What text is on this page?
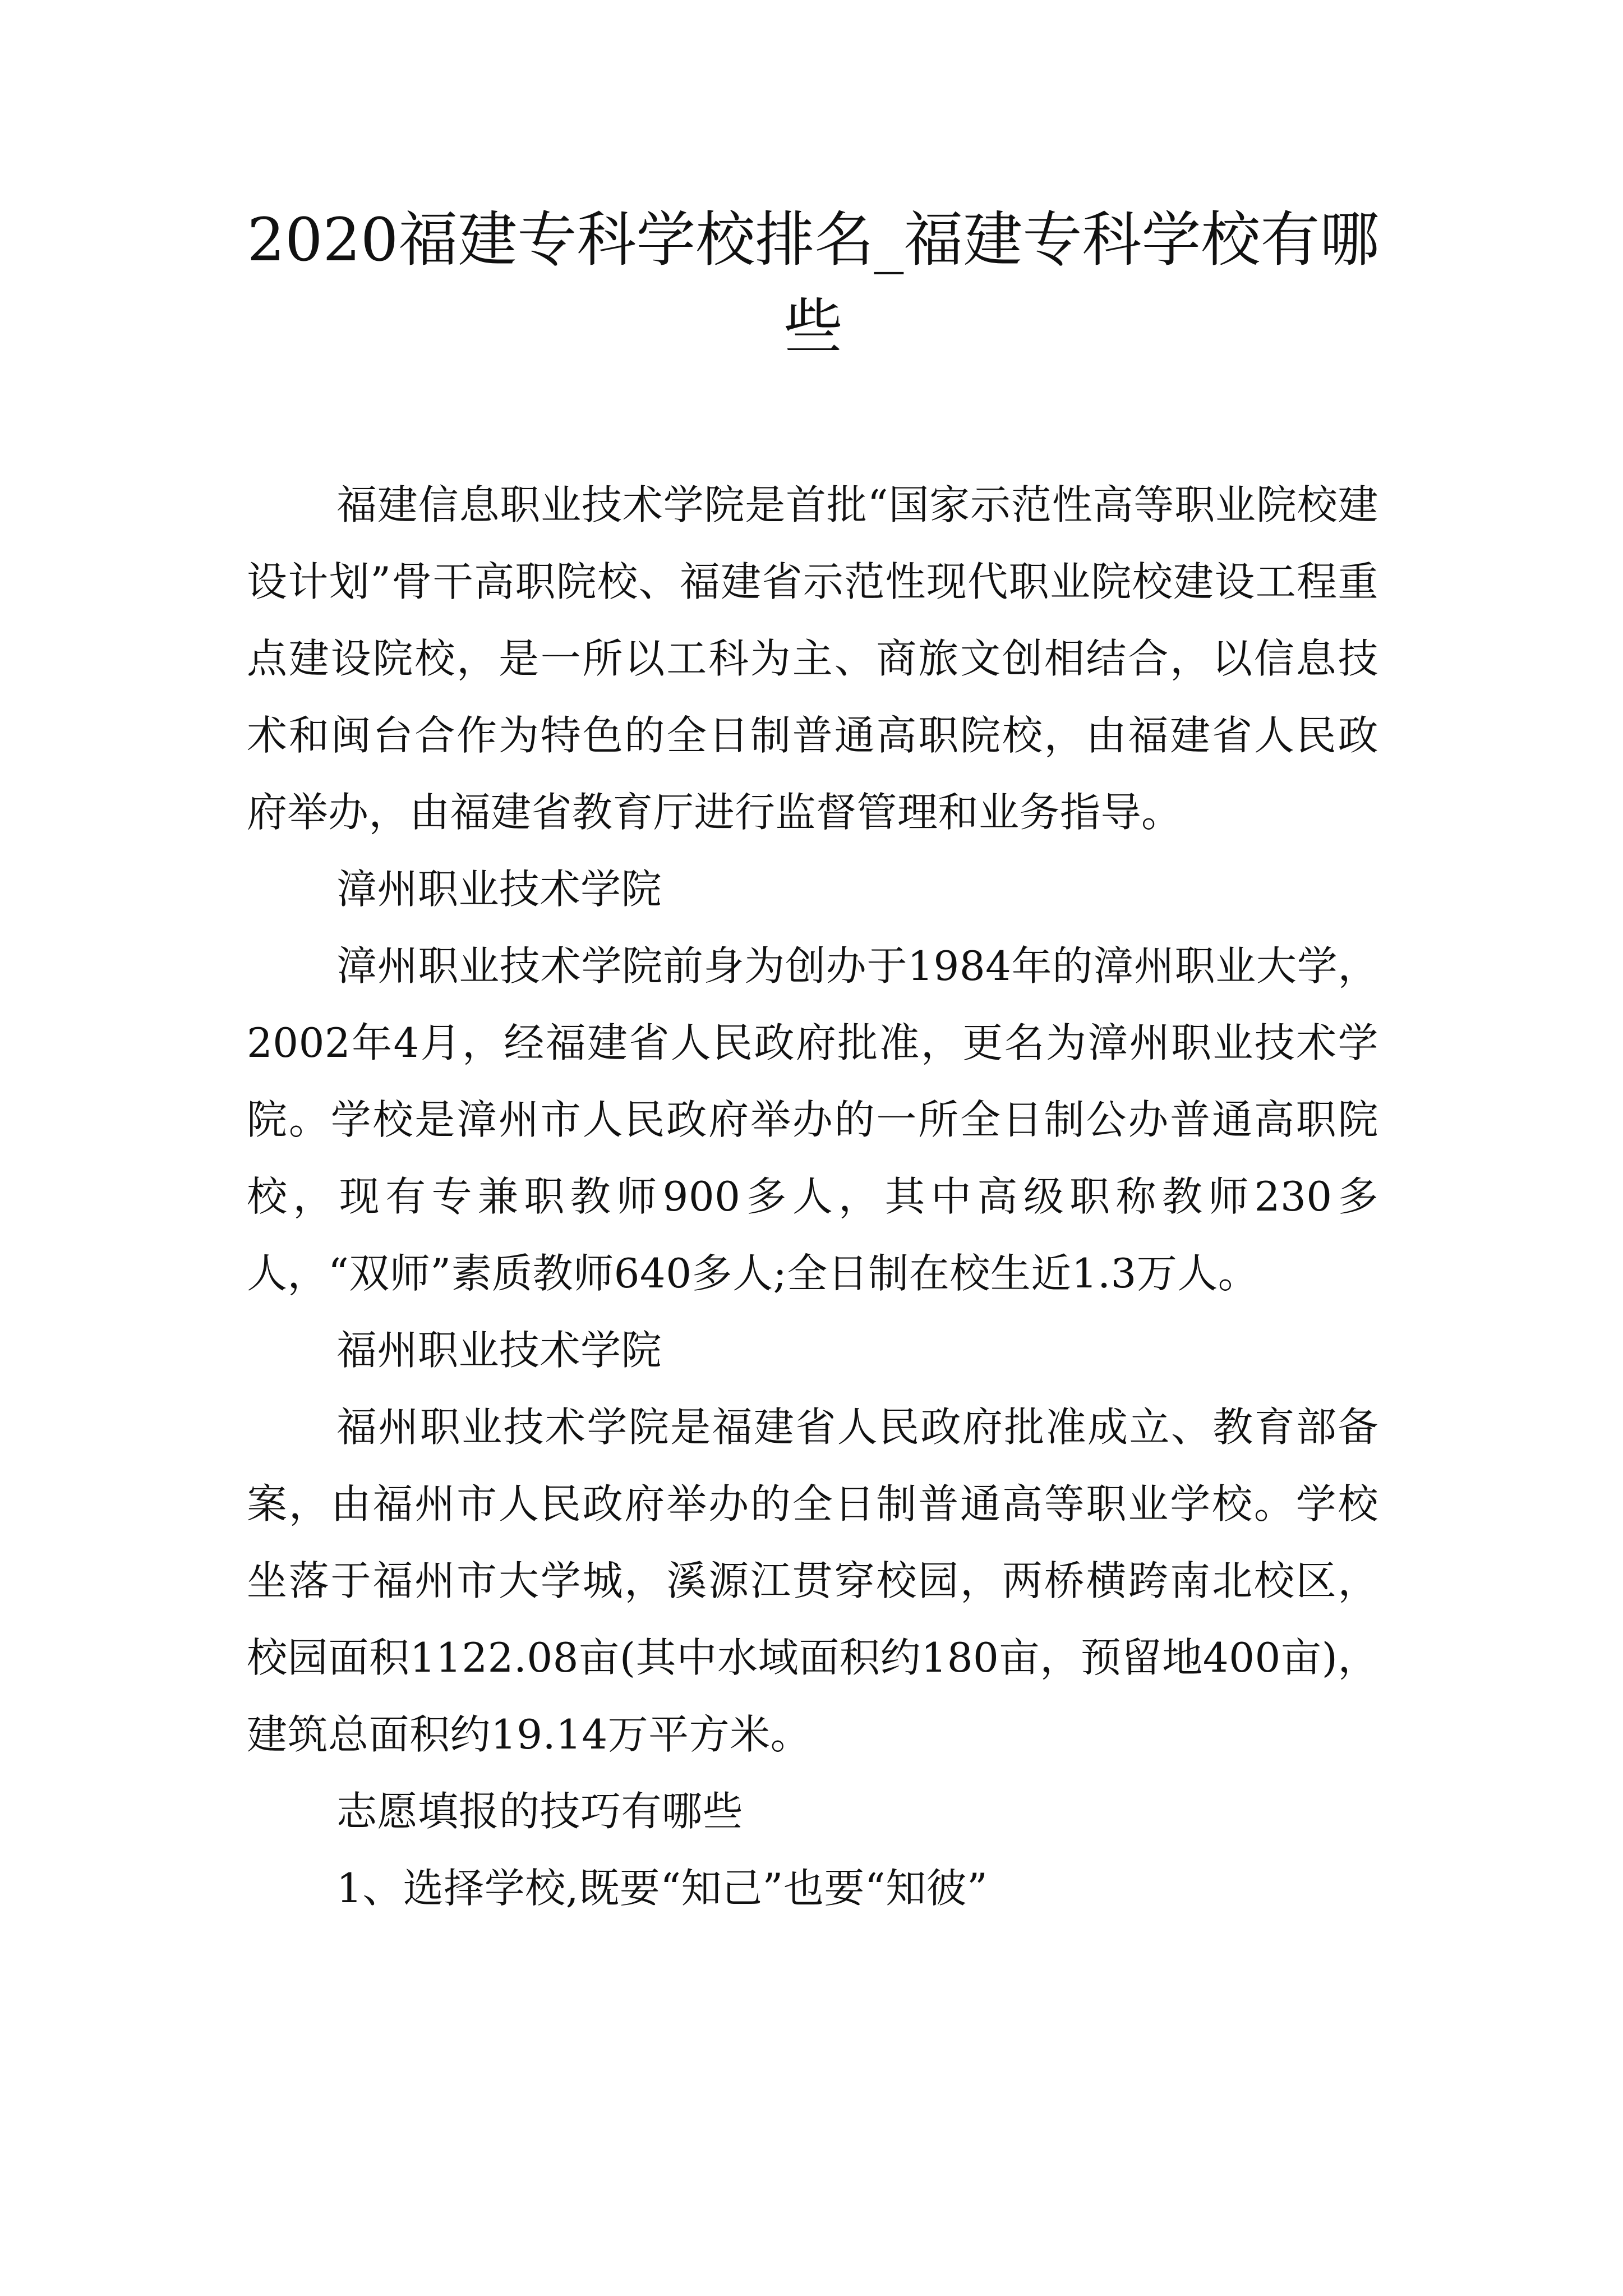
2020福建专科学校排名_福建专科学校有哪些

福建信息职业技术学院是首批“国家示范性高等职业院校建设计划”骨干高职院校、福建省示范性现代职业院校建设工程重点建设院校，是一所以工科为主、商旅文创相结合，以信息技术和闽台合作为特色的全日制普通高职院校，由福建省人民政府举办，由福建省教育厅进行监督管理和业务指导。

漳州职业技术学院

漳州职业技术学院前身为创办于1984年的漳州职业大学，2002年4月，经福建省人民政府批准，更名为漳州职业技术学院。学校是漳州市人民政府举办的一所全日制公办普通高职院校，现有专兼职教师900多人，其中高级职称教师230多人，“双师”素质教师640多人;全日制在校生近1.3万人。

福州职业技术学院

福州职业技术学院是福建省人民政府批准成立、教育部备案，由福州市人民政府举办的全日制普通高等职业学校。学校坐落于福州市大学城，溪源江贯穿校园，两桥横跨南北校区，校园面积1122.08亩(其中水域面积约180亩，预留地400亩)，建筑总面积约19.14万平方米。

志愿填报的技巧有哪些

1、选择学校,既要“知己”也要“知彼”
